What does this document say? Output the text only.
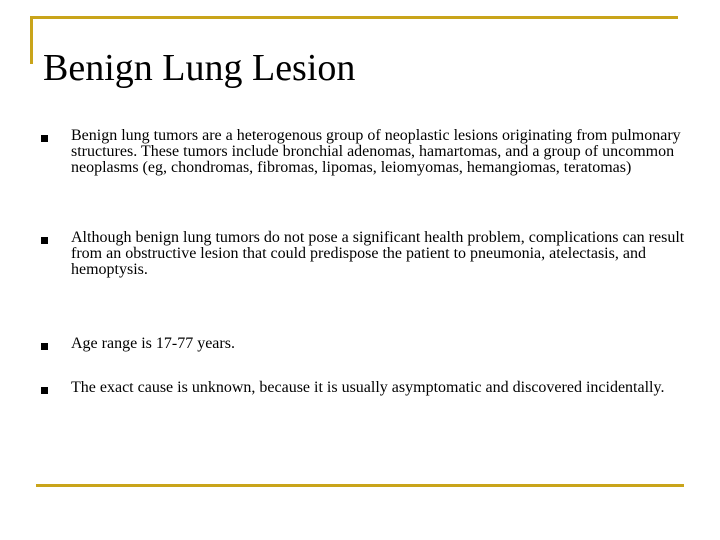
Benign Lung Lesion
Benign lung tumors are a heterogenous group of neoplastic lesions originating from pulmonary structures. These tumors include bronchial adenomas, hamartomas, and a group of uncommon neoplasms (eg, chondromas, fibromas, lipomas, leiomyomas, hemangiomas, teratomas)
Although benign lung tumors do not pose a significant health problem, complications can result from an obstructive lesion that could predispose the patient to pneumonia, atelectasis, and hemoptysis.
Age range is 17-77 years.
The exact cause is unknown, because it is usually asymptomatic and discovered incidentally.
